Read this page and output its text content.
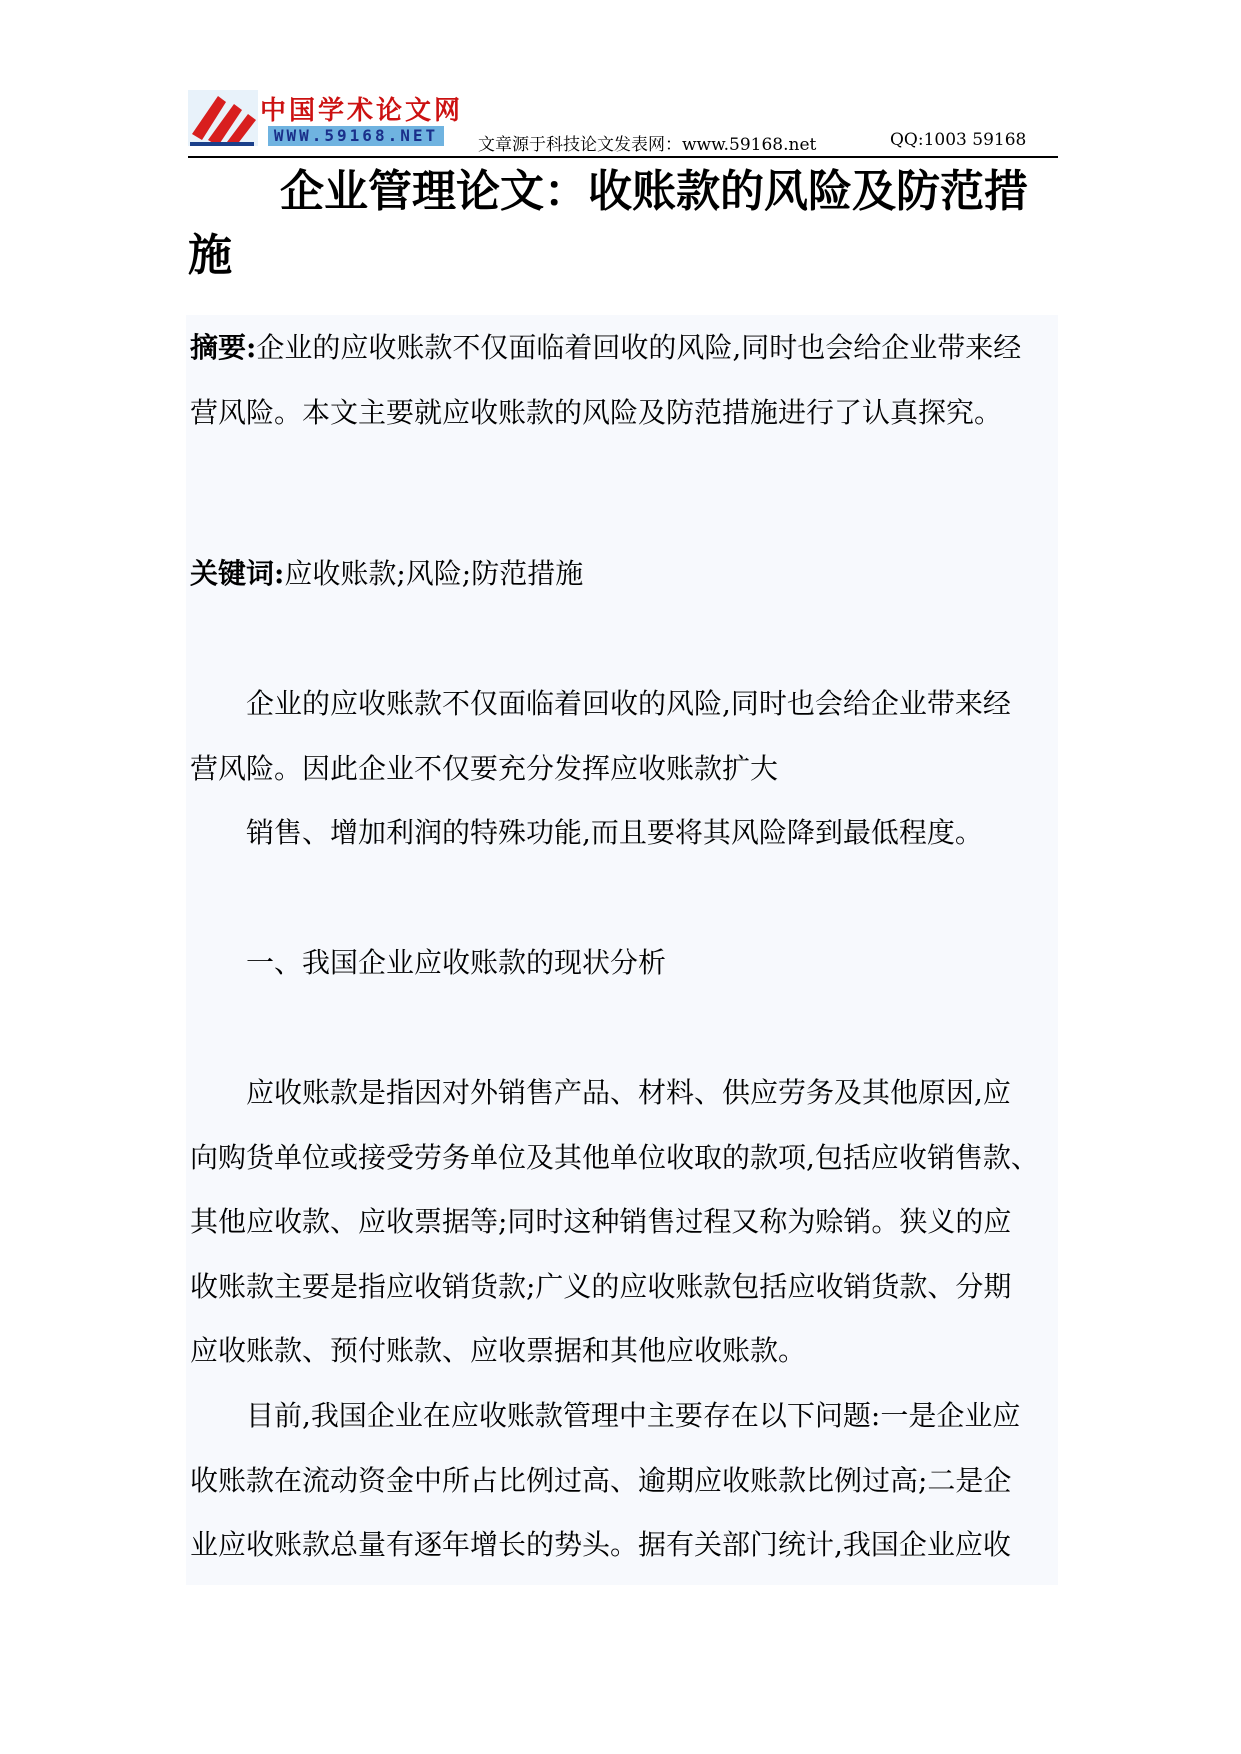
中国学术论文网
WWW.59168.NET	文章源于科技论文发表网：www.59168.net	QQ:1003 59168
企业管理论文：收账款的风险及防范措施

摘要:企业的应收账款不仅面临着回收的风险,同时也会给企业带来经

营风险。本文主要就应收账款的风险及防范措施进行了认真探究。

关键词:应收账款;风险;防范措施

企业的应收账款不仅面临着回收的风险,同时也会给企业带来经

营风险。因此企业不仅要充分发挥应收账款扩大

销售、增加利润的特殊功能,而且要将其风险降到最低程度。

一、我国企业应收账款的现状分析

应收账款是指因对外销售产品、材料、供应劳务及其他原因,应

向购货单位或接受劳务单位及其他单位收取的款项,包括应收销售款、

其他应收款、应收票据等;同时这种销售过程又称为赊销。狭义的应

收账款主要是指应收销货款;广义的应收账款包括应收销货款、分期

应收账款、预付账款、应收票据和其他应收账款。

目前,我国企业在应收账款管理中主要存在以下问题:一是企业应

收账款在流动资金中所占比例过高、逾期应收账款比例过高;二是企

业应收账款总量有逐年增长的势头。据有关部门统计,我国企业应收
